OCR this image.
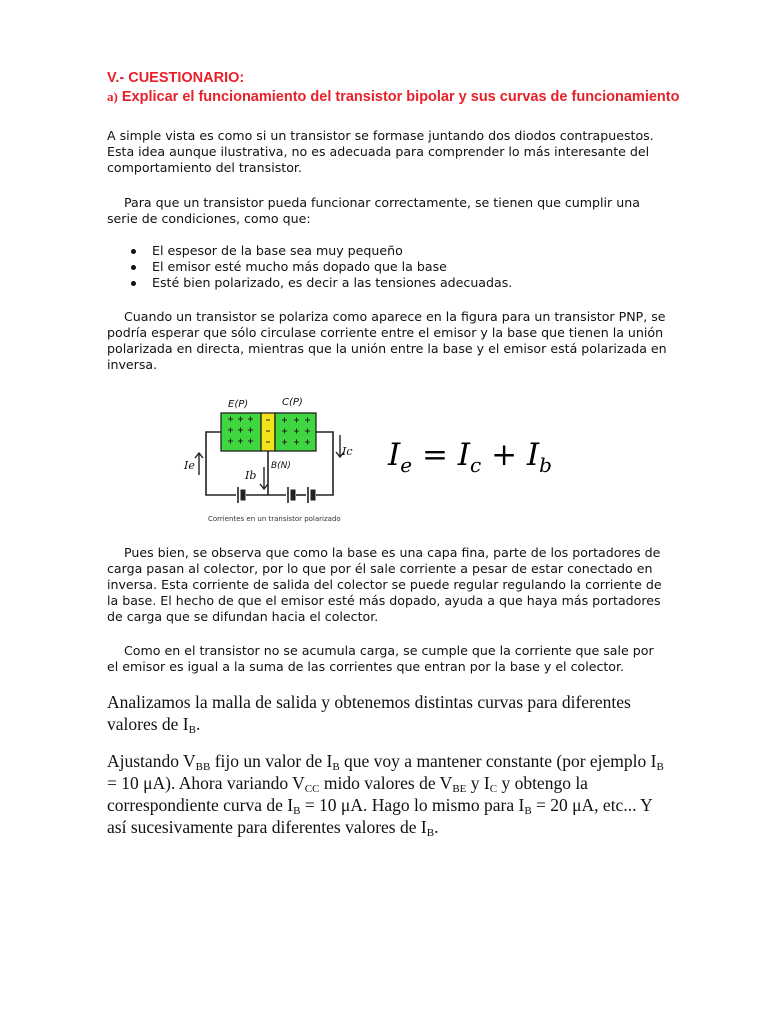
V.- CUESTIONARIO:

a) Explicar el funcionamiento del transistor bipolar y sus curvas de funcionamiento

A simple vista es como si un transistor se formase juntando dos diodos contrapuestos. Esta idea aunque ilustrativa, no es adecuada para comprender lo más interesante del comportamiento del transistor.

Para que un transistor pueda funcionar correctamente, se tienen que cumplir una serie de condiciones, como que:

El espesor de la base sea muy pequeño
El emisor esté mucho más dopado que la base
Esté bien polarizado, es decir a las tensiones adecuadas.

Cuando un transistor se polariza como aparece en la figura para un transistor PNP, se podría esperar que sólo circulase corriente entre el emisor y la base que tienen la unión polarizada en directa, mientras que la unión entre la base y el emisor está polarizada en inversa.

E(P)	C(P)
B(N)
Ie
Ib
Ic
Corrientes en un transistor polarizado
$I_e = I_c + I_b$

Pues bien, se observa que como la base es una capa fina, parte de los portadores de carga pasan al colector, por lo que por él sale corriente a pesar de estar conectado en inversa. Esta corriente de salida del colector se puede regular regulando la corriente de la base. El hecho de que el emisor esté más dopado, ayuda a que haya más portadores de carga que se difundan hacia el colector.

Como en el transistor no se acumula carga, se cumple que la corriente que sale por el emisor es igual a la suma de las corrientes que entran por la base y el colector.

Analizamos la malla de salida y obtenemos distintas curvas para diferentes valores de $I_B$.

Ajustando $V_{BB}$ fijo un valor de $I_B$ que voy a mantener constante (por ejemplo $I_B = 10$ μA). Ahora variando $V_{CC}$ mido valores de $V_{BE}$ y $I_C$ y obtengo la correspondiente curva de $I_B = 10$ μA. Hago lo mismo para $I_B = 20$ μA, etc... Y así sucesivamente para diferentes valores de $I_B$.
